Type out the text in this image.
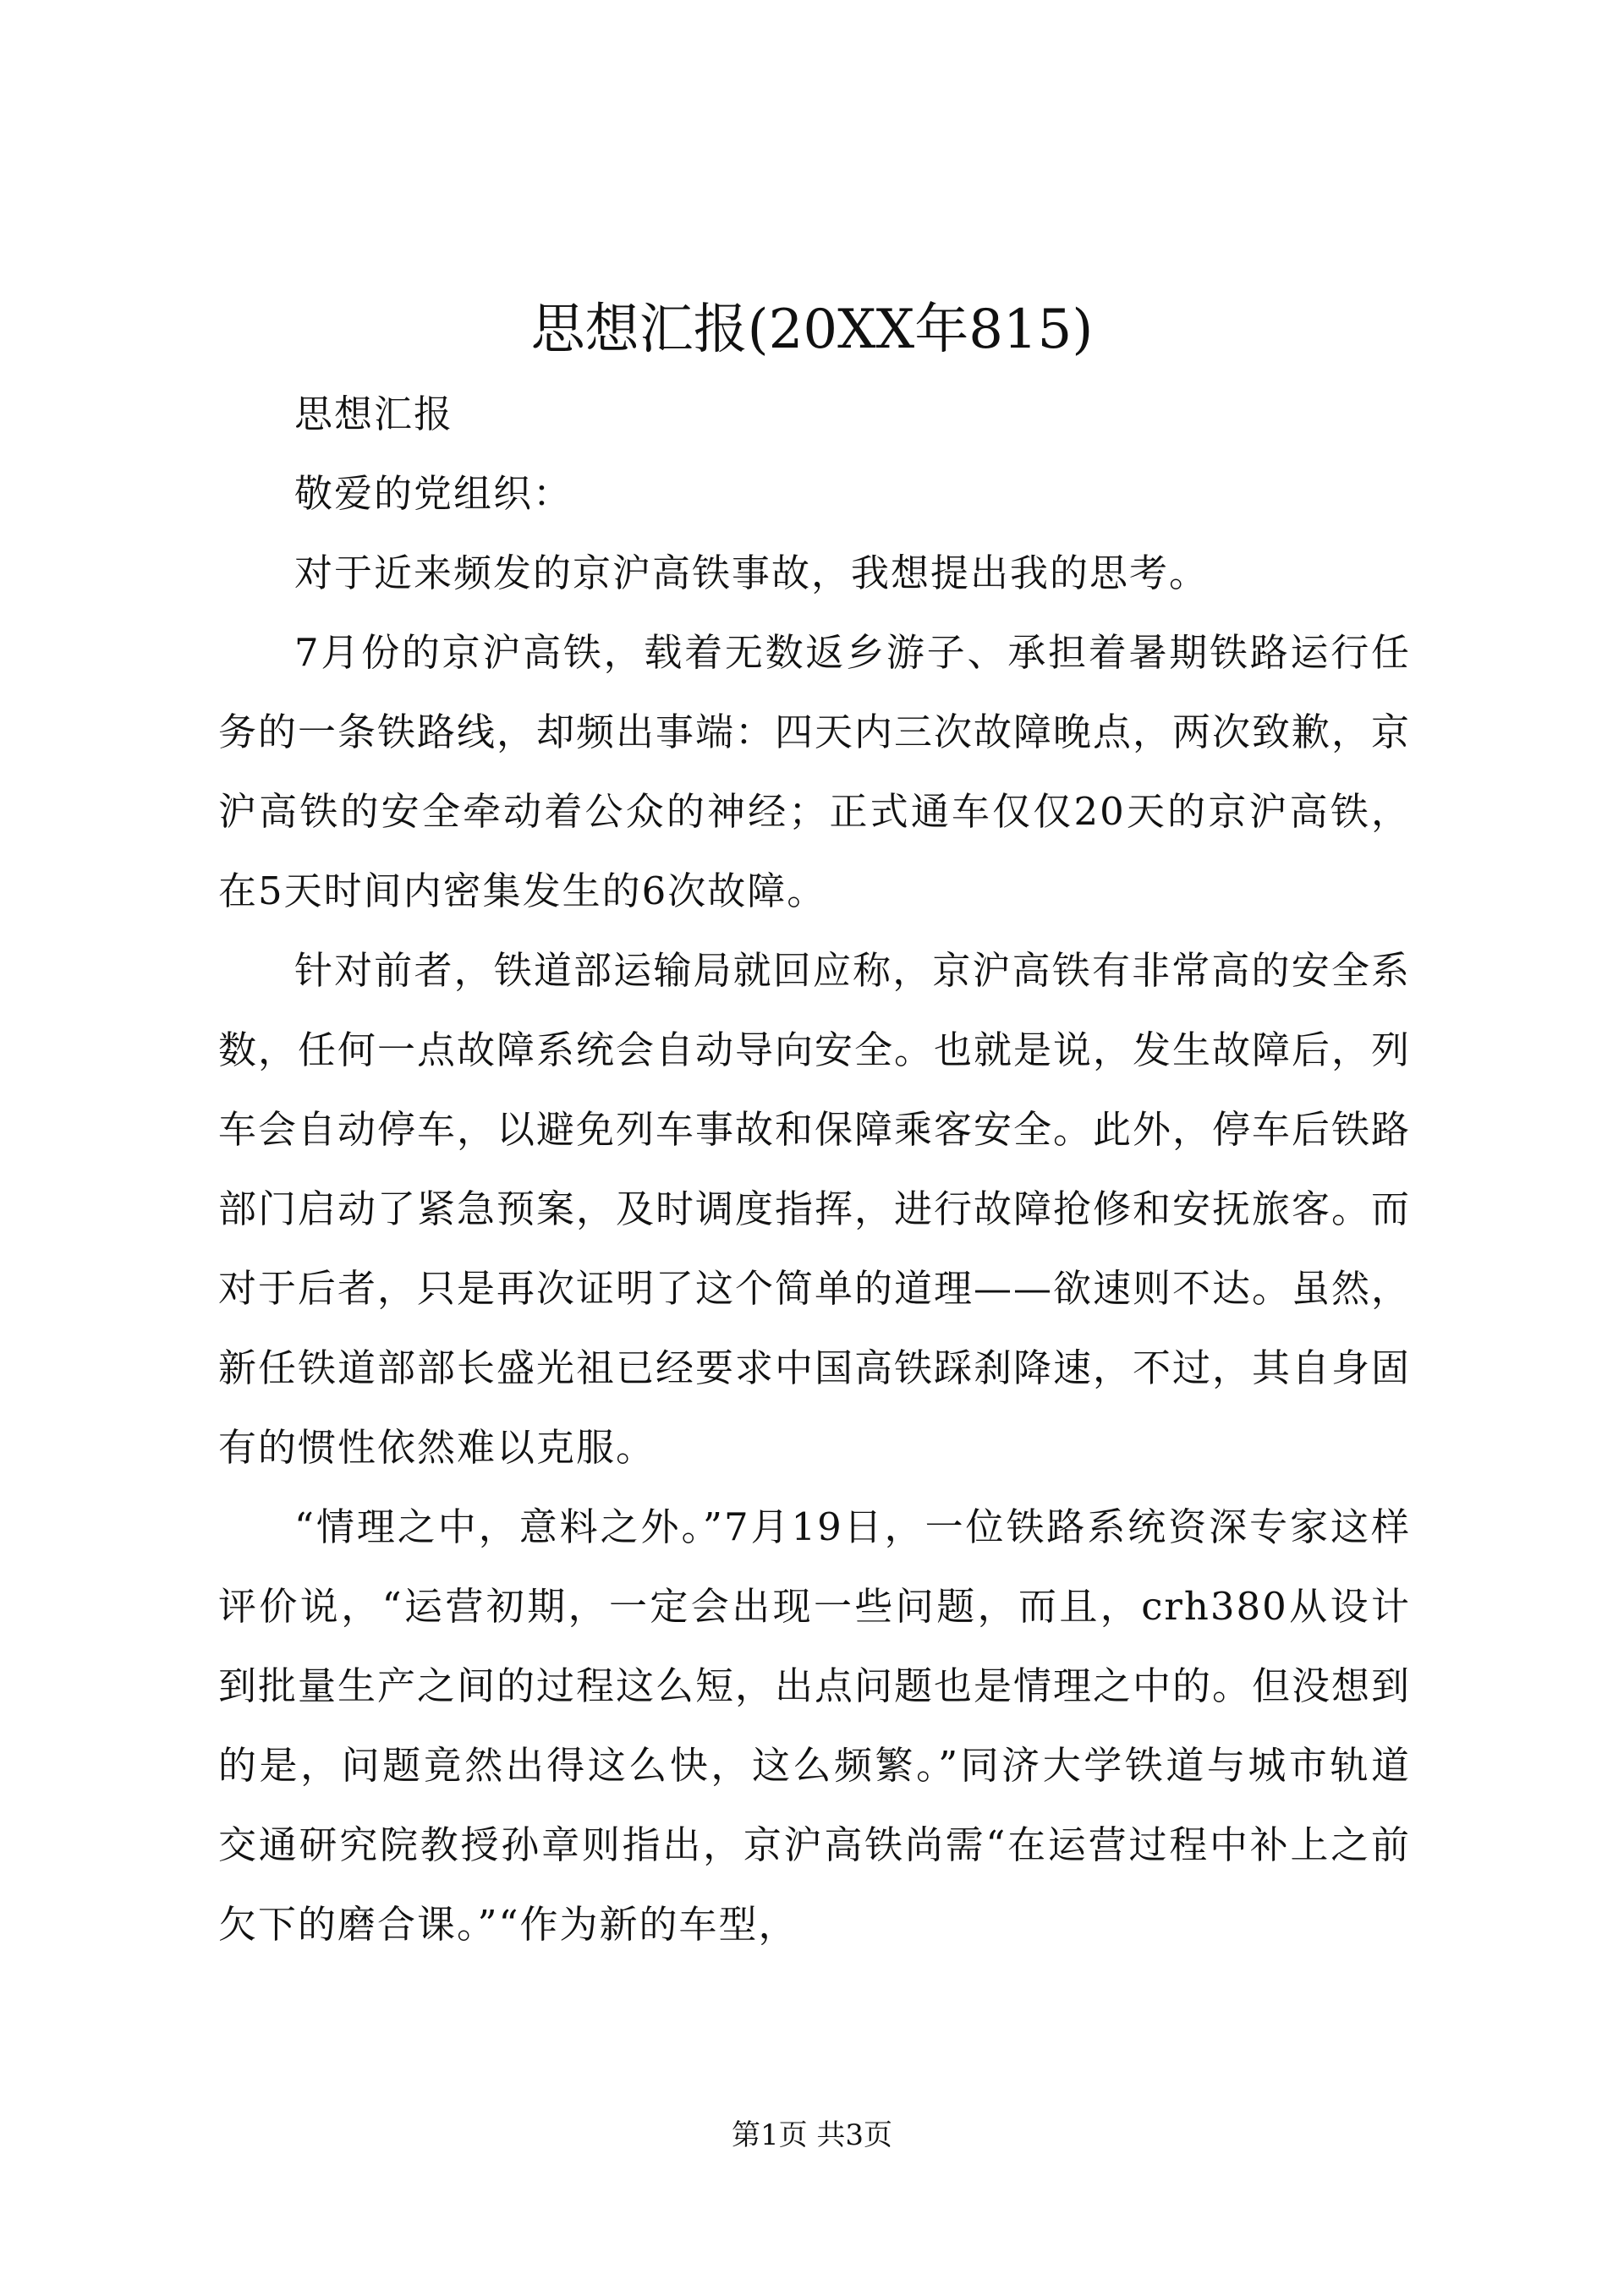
思想汇报(20XX年815)

思想汇报

敬爱的党组织：

对于近来频发的京沪高铁事故，我想提出我的思考。

7月份的京沪高铁，载着无数返乡游子、承担着暑期铁路运行任务的一条铁路线，却频出事端：四天内三次故障晚点，两次致歉，京沪高铁的安全牵动着公众的神经；正式通车仅仅20天的京沪高铁，在5天时间内密集发生的6次故障。

针对前者，铁道部运输局就回应称，京沪高铁有非常高的安全系数，任何一点故障系统会自动导向安全。也就是说，发生故障后，列车会自动停车，以避免列车事故和保障乘客安全。此外，停车后铁路部门启动了紧急预案，及时调度指挥，进行故障抢修和安抚旅客。而对于后者，只是再次证明了这个简单的道理——欲速则不达。虽然，新任铁道部部长盛光祖已经要求中国高铁踩刹降速，不过，其自身固有的惯性依然难以克服。

“情理之中，意料之外。”7月19日，一位铁路系统资深专家这样评价说，“运营初期，一定会出现一些问题，而且，crh380从设计到批量生产之间的过程这么短，出点问题也是情理之中的。但没想到的是，问题竟然出得这么快，这么频繁。”同济大学铁道与城市轨道交通研究院教授孙章则指出，京沪高铁尚需“在运营过程中补上之前欠下的磨合课。”“作为新的车型，

第1页 共3页
